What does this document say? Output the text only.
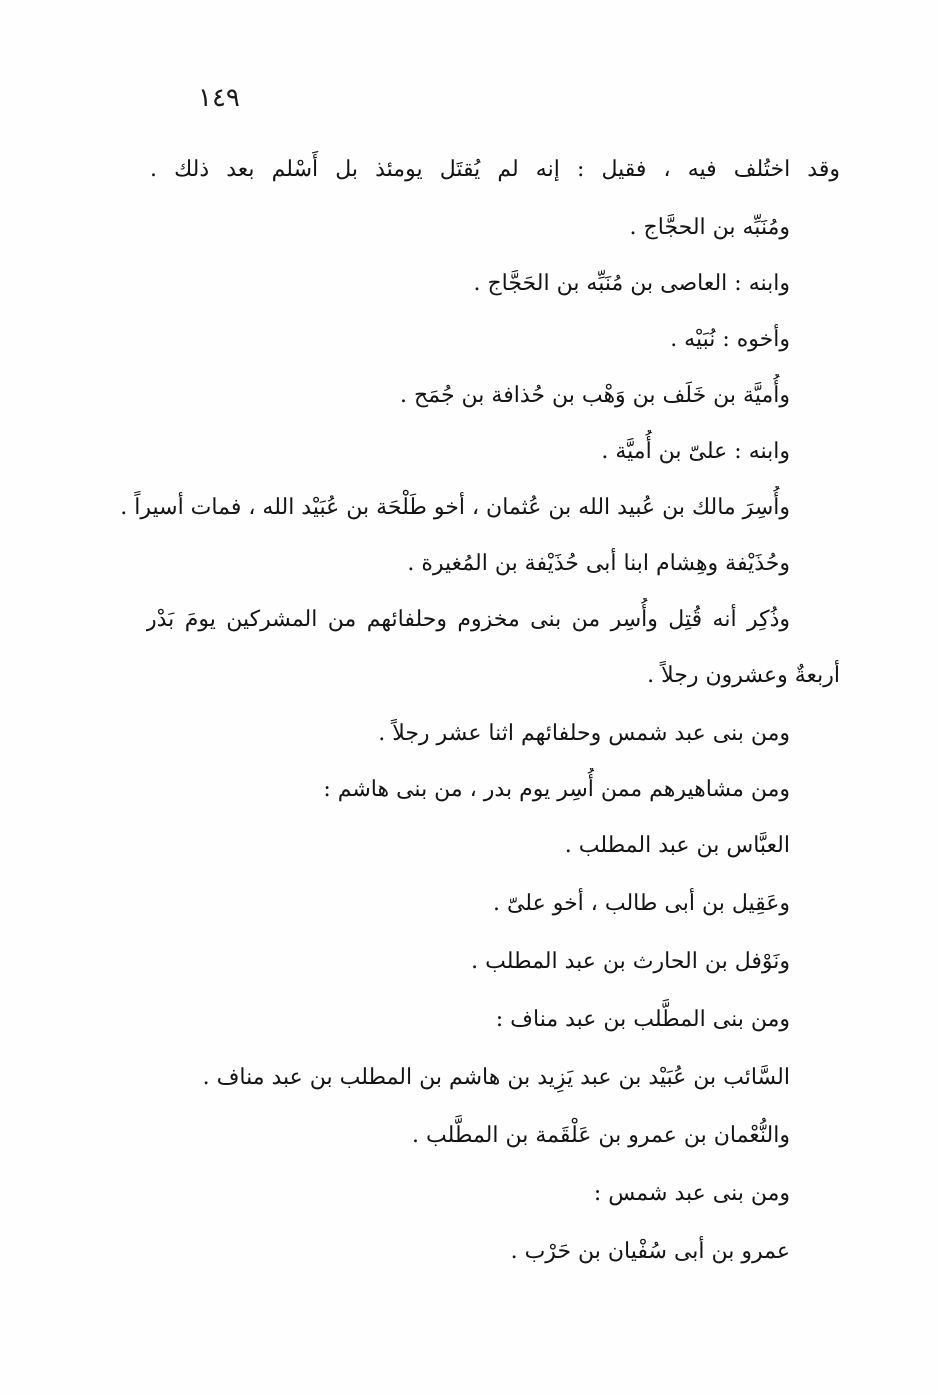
١٤٩
وقد اختُلف فيه ، فقيل : إنه لم يُقتَل يومئذ بل أَسْلم بعد ذلك .
ومُنَبِّه بن الحجَّاج .
وابنه : العاصى بن مُنَبِّه بن الحَجَّاج .
وأخوه : نُبَيْه .
وأُميَّة بن خَلَف بن وَهْب بن حُذافة بن جُمَح .
وابنه : علىّ بن أُميَّة .
وأُسِرَ مالك بن عُبيد الله بن عُثمان ، أخو طَلْحَة بن عُبَيْد الله ، فمات أسيراً .
وحُذَيْفة وهِشام ابنا أبى حُذَيْفة بن المُغيرة .
وذُكِر أنه قُتِل وأُسِر من بنى مخزوم وحلفائهم من المشركين يومَ بَدْر
أربعةٌ وعشرون رجلاً .
ومن بنى عبد شمس وحلفائهم اثنا عشر رجلاً .
ومن مشاهيرهم ممن أُسِر يوم بدر ، من بنى هاشم :
العبَّاس بن عبد المطلب .
وعَقِيل بن أبى طالب ، أخو علىّ .
ونَوْفل بن الحارث بن عبد المطلب .
ومن بنى المطَّلب بن عبد مناف :
السَّائب بن عُبَيْد بن عبد يَزِيد بن هاشم بن المطلب بن عبد مناف .
والنُّعْمان بن عمرو بن عَلْقَمة بن المطَّلب .
ومن بنى عبد شمس :
عمرو بن أبى سُفْيان بن حَرْب .
